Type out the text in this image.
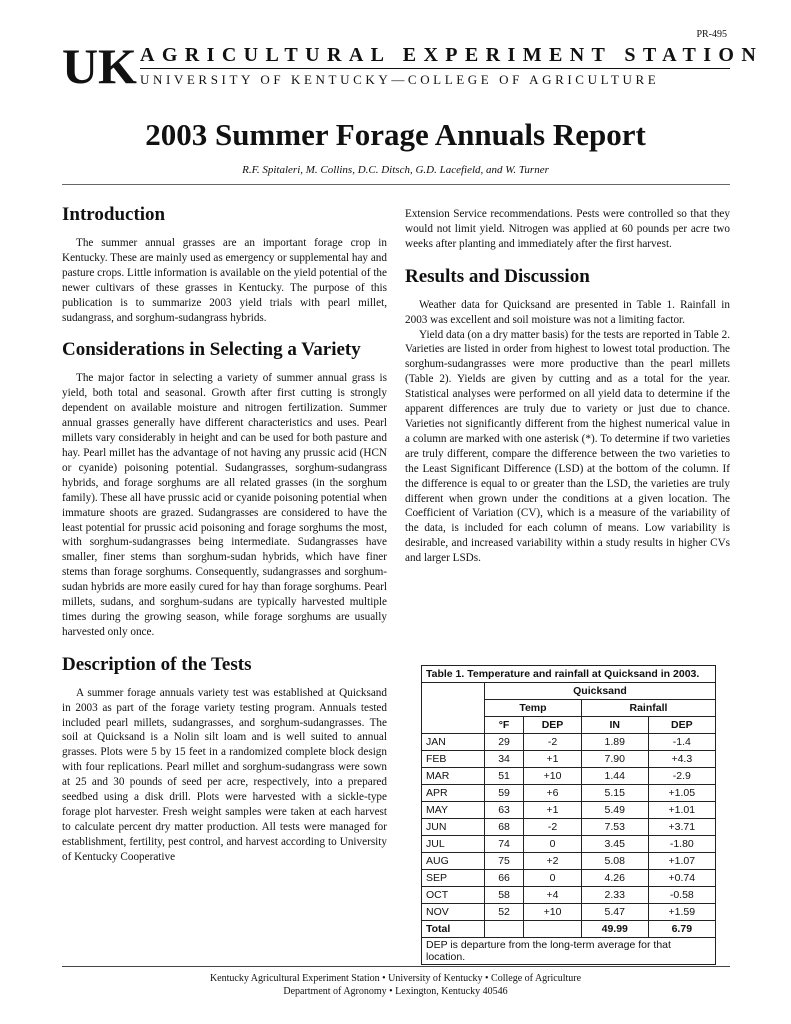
PR-495
U K AGRICULTURAL EXPERIMENT STATION
UNIVERSITY OF KENTUCKY—COLLEGE OF AGRICULTURE
2003 Summer Forage Annuals Report
R.F. Spitaleri, M. Collins, D.C. Ditsch, G.D. Lacefield, and W. Turner
Introduction

The summer annual grasses are an important forage crop in Kentucky. These are mainly used as emergency or supplemental hay and pasture crops. Little information is available on the yield potential of the newer cultivars of these grasses in Kentucky. The purpose of this publication is to summarize 2003 yield trials with pearl millet, sudangrass, and sorghum-sudangrass hybrids.

Considerations in Selecting a Variety

The major factor in selecting a variety of summer annual grass is yield, both total and seasonal. Growth after first cutting is strongly dependent on available moisture and nitrogen fertilization. Summer annual grasses generally have different characteristics and uses. Pearl millets vary considerably in height and can be used for both pasture and hay. Pearl millet has the advantage of not having any prussic acid (HCN or cyanide) poisoning potential. Sudangrasses, sorghum-sudangrass hybrids, and forage sorghums are all related grasses (in the sorghum family). These all have prussic acid or cyanide poisoning potential when immature shoots are grazed. Sudangrasses are considered to have the least potential for prussic acid poisoning and forage sorghums the most, with sorghum-sudangrasses being intermediate. Sudangrasses have smaller, finer stems than sorghum-sudan hybrids, which have finer stems than forage sorghums. Consequently, sudangrasses and sorghum-sudan hybrids are more easily cured for hay than forage sorghums. Pearl millets, sudans, and sorghum-sudans are typically harvested multiple times during the growing season, while forage sorghums are usually harvested only once.

Description of the Tests

A summer forage annuals variety test was established at Quicksand in 2003 as part of the forage variety testing program. Annuals tested included pearl millets, sudangrasses, and sorghum-sudangrasses. The soil at Quicksand is a Nolin silt loam and is well suited to annual grasses. Plots were 5 by 15 feet in a randomized complete block design with four replications. Pearl millet and sorghum-sudangrass were sown at 25 and 30 pounds of seed per acre, respectively, into a prepared seedbed using a disk drill. Plots were harvested with a sickle-type forage plot harvester. Fresh weight samples were taken at each harvest to calculate percent dry matter production. All tests were managed for establishment, fertility, pest control, and harvest according to University of Kentucky Cooperative

Extension Service recommendations. Pests were controlled so that they would not limit yield. Nitrogen was applied at 60 pounds per acre two weeks after planting and immediately after the first harvest.

Results and Discussion

Weather data for Quicksand are presented in Table 1. Rainfall in 2003 was excellent and soil moisture was not a limiting factor.

Yield data (on a dry matter basis) for the tests are reported in Table 2. Varieties are listed in order from highest to lowest total production. The sorghum-sudangrasses were more productive than the pearl millets (Table 2). Yields are given by cutting and as a total for the year. Statistical analyses were performed on all yield data to determine if the apparent differences are truly due to variety or just due to chance. Varieties not significantly different from the highest numerical value in a column are marked with one asterisk (*). To determine if two varieties are truly different, compare the difference between the two varieties to the Least Significant Difference (LSD) at the bottom of the column. If the difference is equal to or greater than the LSD, the varieties are truly different when grown under the conditions at a given location. The Coefficient of Variation (CV), which is a measure of the variability of the data, is included for each column of means. Low variability is desirable, and increased variability within a study results in higher CVs and larger LSDs.

Table 1. Temperature and rainfall at Quicksand in 2003.				
	Quicksand			
	Temp		Rainfall	
	°F	DEP	IN	DEP
JAN	29	-2	1.89	-1.4
FEB	34	+1	7.90	+4.3
MAR	51	+10	1.44	-2.9
APR	59	+6	5.15	+1.05
MAY	63	+1	5.49	+1.01
JUN	68	-2	7.53	+3.71
JUL	74	0	3.45	-1.80
AUG	75	+2	5.08	+1.07
SEP	66	0	4.26	+0.74
OCT	58	+4	2.33	-0.58
NOV	52	+10	5.47	+1.59
Total			49.99	6.79
DEP is departure from the long-term average for that location.				
Kentucky Agricultural Experiment Station • University of Kentucky • College of Agriculture
Department of Agronomy • Lexington, Kentucky 40546
